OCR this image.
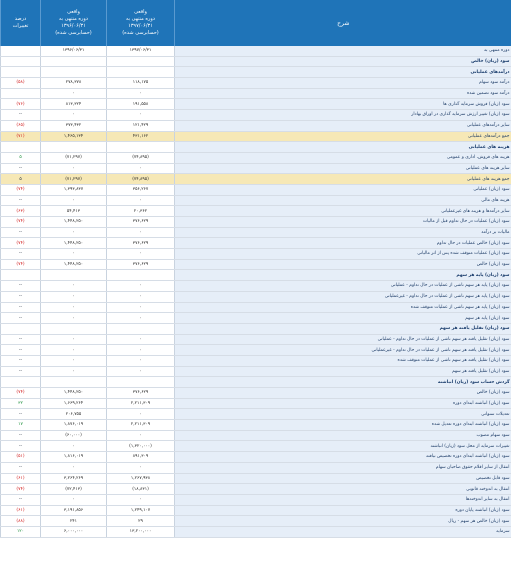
شرح	واقعی
دوره منتهی به
۱۳۹۷/۰۶/۳۱
(حسابرسی شده)	واقعی
دوره منتهی به
۱۳۹۶/۰۶/۳۱
(حسابرسی شده)	درصد
تغییرات

دوره منتهی به	۱۳۹۷/۰۶/۳۱	۱۳۹۶/۰۶/۳۱	
سود (زیان) خالص			
درآمدهای عملیاتی			
درآمد سود سهام	۱۱۸,۱۷۵	۲۷۸,۳۷۸	(۵۸)
درآمد سود تضمین شده	۰	۰	
سود (زیان) فروش سرمایه گذاری ها	۱۹۱,۵۵۸	۸۱۳,۳۲۴	(۷۶)
سود (زیان) تغییر ارزش سرمایه گذاری در اوراق بهادار	۰	۰	--
سایر درآمدهای عملیاتی	۱۲۱,۴۲۹	۳۷۳,۴۳۲	(۶۵)
جمع درآمدهای عملیاتی	۴۳۱,۱۶۲	۱,۴۶۵,۱۳۴	(۷۱)
هزینه های عملیاتی			
هزینه های فروش، اداری و عمومی	(۷۴,۸۹۵)	(۷۱,۲۹۷)	۵
سایر هزینه های عملیاتی	۰	۰	--
جمع هزینه های عملیاتی	(۷۴,۸۹۵)	(۷۱,۲۹۷)	۵
سود (زیان) عملیاتی	۳۵۶,۲۶۷	۱,۳۹۳,۸۳۷	(۷۴)
هزینه های مالی	۰	۰	--
سایر درآمدها و هزینه های غیرعملیاتی	۲۰,۳۶۲	۵۴,۴۱۳	(۶۳)
سود (زیان) عملیات در حال تداوم قبل از مالیات	۳۷۶,۶۲۹	۱,۴۴۸,۲۵۰	(۷۴)
مالیات بر درآمد	۰	۰	--
سود (زیان) خالص عملیات در حال تداوم	۳۷۶,۶۲۹	۱,۴۴۸,۲۵۰	(۷۴)
سود (زیان) عملیات متوقف شده پس از اثر مالیاتی	۰	۰	--
سود (زیان) خالص	۳۷۶,۶۲۹	۱,۴۴۸,۲۵۰	(۷۴)
سود (زیان) پایه هر سهم			
سود (زیان) پایه هر سهم ناشی از عملیات در حال تداوم - عملیاتی	۰	۰	--
سود (زیان) پایه هر سهم ناشی از عملیات در حال تداوم - غیرعملیاتی	۰	۰	--
سود (زیان) پایه هر سهم ناشی از عملیات متوقف شده	۰	۰	--
سود (زیان) پایه هر سهم	۰	۰	--
سود (زیان) تقلیل یافته هر سهم			
سود (زیان) تقلیل یافته هر سهم ناشی از عملیات در حال تداوم - عملیاتی	۰	۰	--
سود (زیان) تقلیل یافته هر سهم ناشی از عملیات در حال تداوم - غیرعملیاتی	۰	۰	--
سود (زیان) تقلیل یافته هر سهم ناشی از عملیات متوقف شده	۰	۰	--
سود (زیان) تقلیل یافته هر سهم	۰	۰	--
گردش حساب سود (زیان) انباشته			
سود (زیان) خالص	۳۷۶,۶۲۹	۱,۴۴۸,۲۵۰	(۷۴)
سود (زیان) انباشته ابتدای دوره	۲,۲۱۱,۳۰۹	۱,۶۶۹,۲۶۴	۳۲
تعدیلات سنواتی	۰	۲۰۶,۷۵۵	--
سود (زیان) انباشته ابتدای دوره تعدیل شده	۲,۲۱۱,۳۰۹	۱,۸۷۶,۰۱۹	۱۷
سود سهام مصوب	۰	(۶۰,۰۰۰)	--
تغییرات سرمایه از محل سود (زیان) انباشته	(۱,۳۲۰,۰۰۰)	۰	--
سود (زیان) انباشته ابتدای دوره تخصیص نیافته	۸۹۱,۳۰۹	۱,۸۱۶,۰۱۹	(۵۱)
انتقال از سایر اقلام حقوق صاحبان سهام	۰	۰	--
سود قابل تخصیص	۱,۲۶۷,۹۳۸	۳,۲۶۴,۲۶۹	(۶۱)
انتقال به اندوخته قانونی	(۱۸,۸۳۱)	(۷۲,۴۱۳)	(۷۴)
انتقال به سایر اندوخته‌ها	۰	۰	--
سود (زیان) انباشته پایان دوره	۱,۲۴۹,۱۰۷	۳,۱۹۱,۸۵۶	(۶۱)
سود (زیان) خالص هر سهم - ریال	۲۹	۲۴۱	(۸۸)
سرمایه	۱۳,۲۰۰,۰۰۰	۶,۰۰۰,۰۰۰	۱۲۰
